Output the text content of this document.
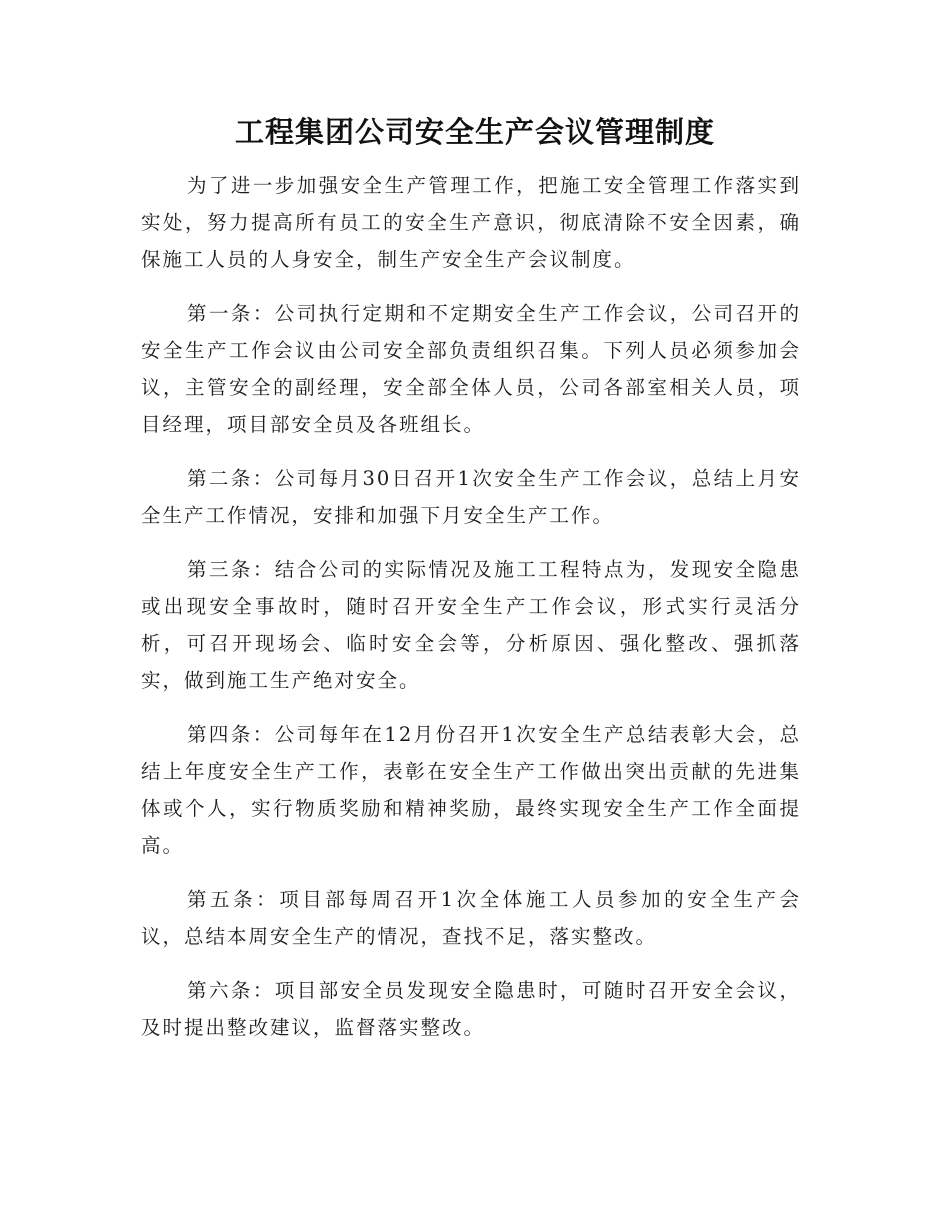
工程集团公司安全生产会议管理制度

为了进一步加强安全生产管理工作，把施工安全管理工作落实到实处，努力提高所有员工的安全生产意识，彻底清除不安全因素，确保施工人员的人身安全，制生产安全生产会议制度。

第一条：公司执行定期和不定期安全生产工作会议，公司召开的安全生产工作会议由公司安全部负责组织召集。下列人员必须参加会议，主管安全的副经理，安全部全体人员，公司各部室相关人员，项目经理，项目部安全员及各班组长。

第二条：公司每月30日召开1次安全生产工作会议，总结上月安全生产工作情况，安排和加强下月安全生产工作。

第三条：结合公司的实际情况及施工工程特点为，发现安全隐患或出现安全事故时，随时召开安全生产工作会议，形式实行灵活分析，可召开现场会、临时安全会等，分析原因、强化整改、强抓落实，做到施工生产绝对安全。

第四条：公司每年在12月份召开1次安全生产总结表彰大会，总结上年度安全生产工作，表彰在安全生产工作做出突出贡献的先进集体或个人，实行物质奖励和精神奖励，最终实现安全生产工作全面提高。

第五条：项目部每周召开1次全体施工人员参加的安全生产会议，总结本周安全生产的情况，查找不足，落实整改。

第六条：项目部安全员发现安全隐患时，可随时召开安全会议，及时提出整改建议，监督落实整改。
